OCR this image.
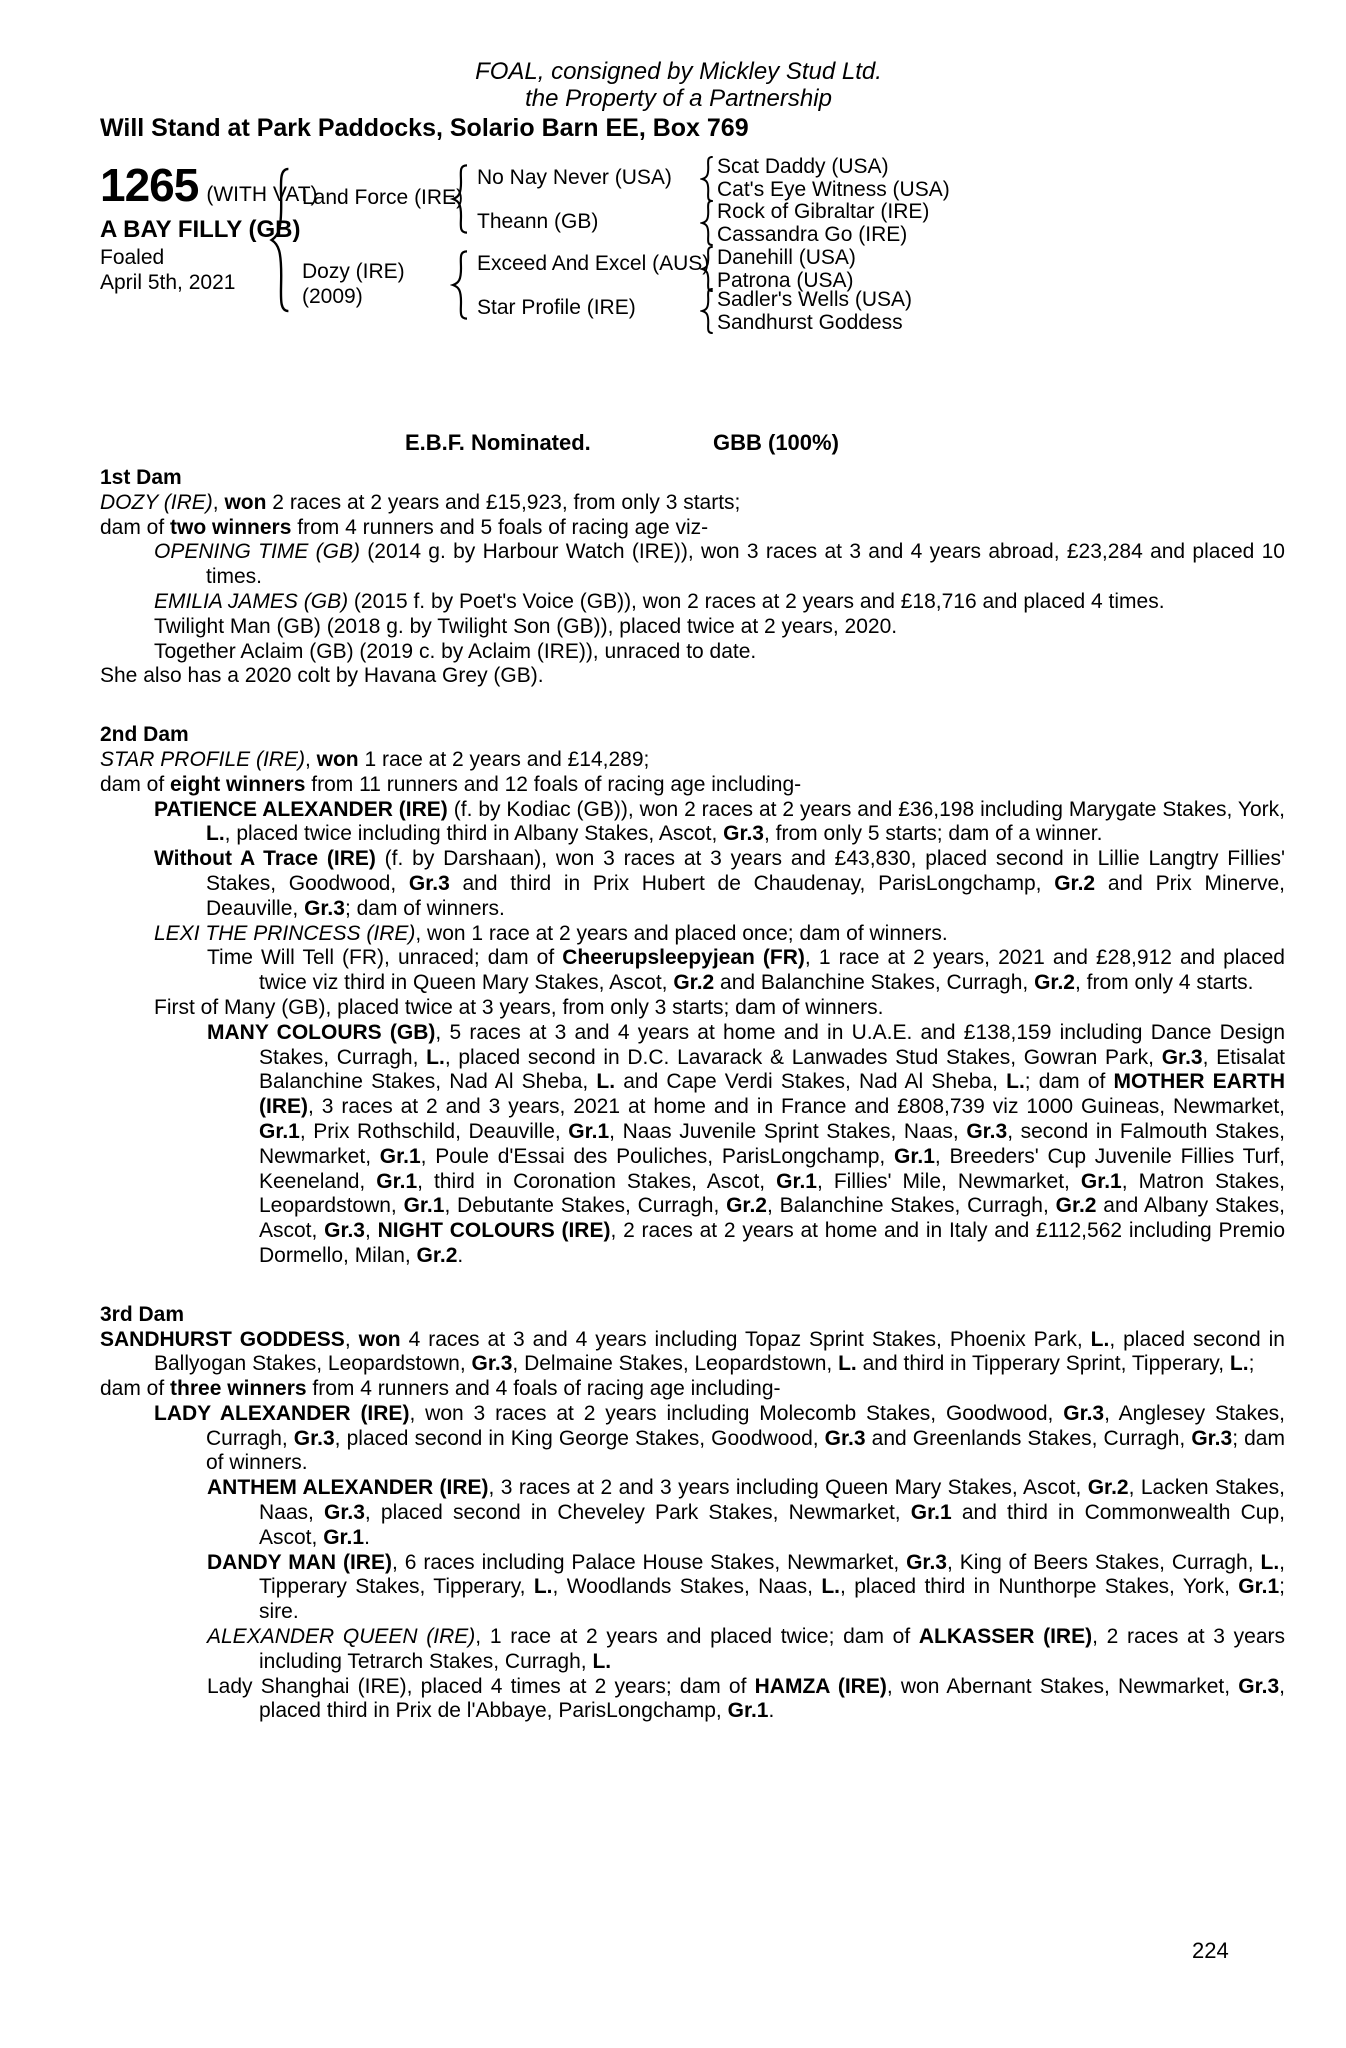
FOAL, consigned by Mickley Stud Ltd.
the Property of a Partnership
Will Stand at Park Paddocks, Solario Barn EE, Box 769
1265 (WITH VAT)
A BAY FILLY (GB)
Foaled
April 5th, 2021
Land Force (IRE)
Dozy (IRE)
(2009)
No Nay Never (USA)
Theann (GB)
Exceed And Excel (AUS)
Star Profile (IRE)
Scat Daddy (USA)
Cat's Eye Witness (USA)
Rock of Gibraltar (IRE)
Cassandra Go (IRE)
Danehill (USA)
Patrona (USA)
Sadler's Wells (USA)
Sandhurst Goddess
E.B.F. Nominated.	GBB (100%)
1st Dam

DOZY (IRE), won 2 races at 2 years and £15,923, from only 3 starts;

dam of two winners from 4 runners and 5 foals of racing age viz-

OPENING TIME (GB) (2014 g. by Harbour Watch (IRE)), won 3 races at 3 and 4 years abroad, £23,284 and placed 10 times.

EMILIA JAMES (GB) (2015 f. by Poet's Voice (GB)), won 2 races at 2 years and £18,716 and placed 4 times.

Twilight Man (GB) (2018 g. by Twilight Son (GB)), placed twice at 2 years, 2020.

Together Aclaim (GB) (2019 c. by Aclaim (IRE)), unraced to date.

She also has a 2020 colt by Havana Grey (GB).

2nd Dam

STAR PROFILE (IRE), won 1 race at 2 years and £14,289;

dam of eight winners from 11 runners and 12 foals of racing age including-

PATIENCE ALEXANDER (IRE) (f. by Kodiac (GB)), won 2 races at 2 years and £36,198 including Marygate Stakes, York, L., placed twice including third in Albany Stakes, Ascot, Gr.3, from only 5 starts; dam of a winner.

Without A Trace (IRE) (f. by Darshaan), won 3 races at 3 years and £43,830, placed second in Lillie Langtry Fillies' Stakes, Goodwood, Gr.3 and third in Prix Hubert de Chaudenay, ParisLongchamp, Gr.2 and Prix Minerve, Deauville, Gr.3; dam of winners.

LEXI THE PRINCESS (IRE), won 1 race at 2 years and placed once; dam of winners.

Time Will Tell (FR), unraced; dam of Cheerupsleepyjean (FR), 1 race at 2 years, 2021 and £28,912 and placed twice viz third in Queen Mary Stakes, Ascot, Gr.2 and Balanchine Stakes, Curragh, Gr.2, from only 4 starts.

First of Many (GB), placed twice at 3 years, from only 3 starts; dam of winners.

MANY COLOURS (GB), 5 races at 3 and 4 years at home and in U.A.E. and £138,159 including Dance Design Stakes, Curragh, L., placed second in D.C. Lavarack & Lanwades Stud Stakes, Gowran Park, Gr.3, Etisalat Balanchine Stakes, Nad Al Sheba, L. and Cape Verdi Stakes, Nad Al Sheba, L.; dam of MOTHER EARTH (IRE), 3 races at 2 and 3 years, 2021 at home and in France and £808,739 viz 1000 Guineas, Newmarket, Gr.1, Prix Rothschild, Deauville, Gr.1, Naas Juvenile Sprint Stakes, Naas, Gr.3, second in Falmouth Stakes, Newmarket, Gr.1, Poule d'Essai des Pouliches, ParisLongchamp, Gr.1, Breeders' Cup Juvenile Fillies Turf, Keeneland, Gr.1, third in Coronation Stakes, Ascot, Gr.1, Fillies' Mile, Newmarket, Gr.1, Matron Stakes, Leopardstown, Gr.1, Debutante Stakes, Curragh, Gr.2, Balanchine Stakes, Curragh, Gr.2 and Albany Stakes, Ascot, Gr.3, NIGHT COLOURS (IRE), 2 races at 2 years at home and in Italy and £112,562 including Premio Dormello, Milan, Gr.2.

3rd Dam

SANDHURST GODDESS, won 4 races at 3 and 4 years including Topaz Sprint Stakes, Phoenix Park, L., placed second in Ballyogan Stakes, Leopardstown, Gr.3, Delmaine Stakes, Leopardstown, L. and third in Tipperary Sprint, Tipperary, L.;

dam of three winners from 4 runners and 4 foals of racing age including-

LADY ALEXANDER (IRE), won 3 races at 2 years including Molecomb Stakes, Goodwood, Gr.3, Anglesey Stakes, Curragh, Gr.3, placed second in King George Stakes, Goodwood, Gr.3 and Greenlands Stakes, Curragh, Gr.3; dam of winners.

ANTHEM ALEXANDER (IRE), 3 races at 2 and 3 years including Queen Mary Stakes, Ascot, Gr.2, Lacken Stakes, Naas, Gr.3, placed second in Cheveley Park Stakes, Newmarket, Gr.1 and third in Commonwealth Cup, Ascot, Gr.1.

DANDY MAN (IRE), 6 races including Palace House Stakes, Newmarket, Gr.3, King of Beers Stakes, Curragh, L., Tipperary Stakes, Tipperary, L., Woodlands Stakes, Naas, L., placed third in Nunthorpe Stakes, York, Gr.1; sire.

ALEXANDER QUEEN (IRE), 1 race at 2 years and placed twice; dam of ALKASSER (IRE), 2 races at 3 years including Tetrarch Stakes, Curragh, L.

Lady Shanghai (IRE), placed 4 times at 2 years; dam of HAMZA (IRE), won Abernant Stakes, Newmarket, Gr.3, placed third in Prix de l'Abbaye, ParisLongchamp, Gr.1.

224
